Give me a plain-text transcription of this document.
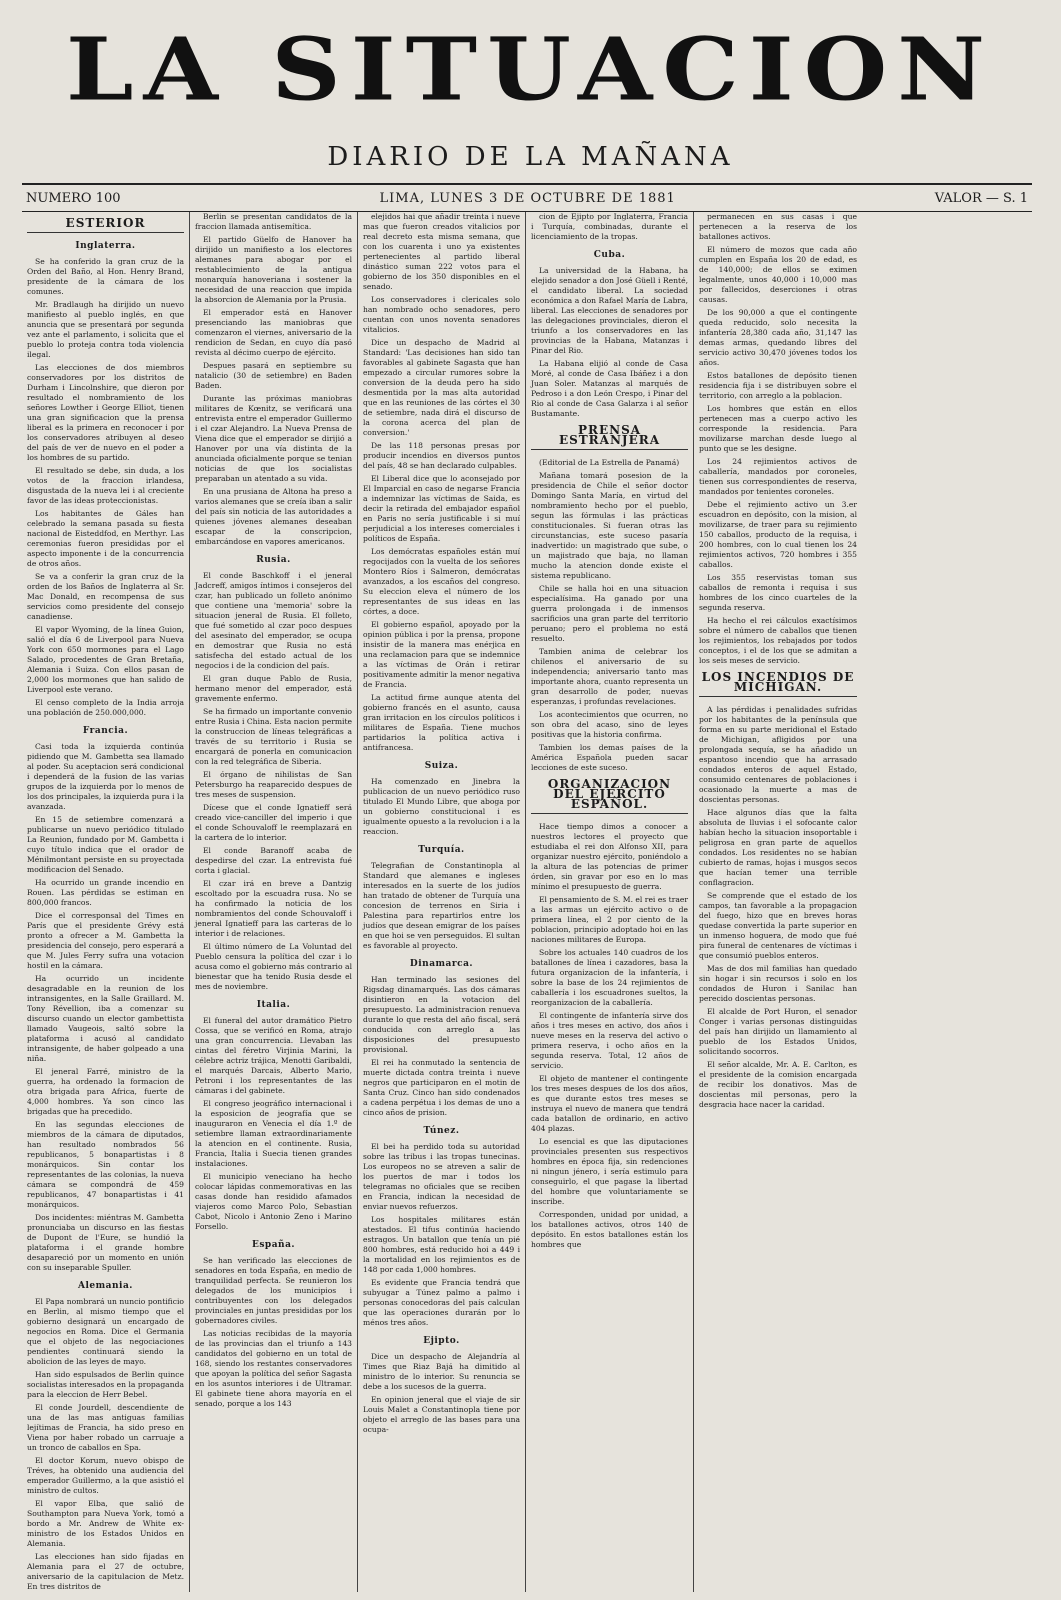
LA SITUACION
DIARIO DE LA MAÑANA
NUMERO 100	LIMA, LUNES 3 DE OCTUBRE DE 1881	VALOR — S. 1
ESTERIOR
Inglaterra.

Se ha conferido la gran cruz de la Orden del Baño, al Hon. Henry Brand, presidente de la cámara de los comunes.

Mr. Bradlaugh ha dirijido un nuevo manifiesto al pueblo inglés, en que anuncia que se presentará por segunda vez ante el parlamento, i solicita que el pueblo lo proteja contra toda violencia ilegal.

Las elecciones de dos miembros conservadores por los distritos de Durham i Lincolnshire, que dieron por resultado el nombramiento de los señores Lowther i George Elliot, tienen una gran significacion que la prensa liberal es la primera en reconocer i por los conservadores atribuyen al deseo del país de ver de nuevo en el poder a los hombres de su partido.

El resultado se debe, sin duda, a los votos de la fraccion irlandesa, disgustada de la nueva lei i al creciente favor de las ideas proteccionistas.

Los habitantes de Gáles han celebrado la semana pasada su fiesta nacional de Eisteddfod, en Merthyr. Las ceremonias fueron presididas por el aspecto imponente i de la concurrencia de otros años.

Se va a conferir la gran cruz de la orden de los Baños de Inglaterra al Sr. Mac Donald, en recompensa de sus servicios como presidente del consejo canadiense.

El vapor Wyoming, de la línea Guion, salió el día 6 de Liverpool para Nueva York con 650 mormones para el Lago Salado, procedentes de Gran Bretaña, Alemania i Suiza. Con ellos pasan de 2,000 los mormones que han salido de Liverpool este verano.

El censo completo de la India arroja una población de 250.000,000.

Francia.

Casi toda la izquierda continúa pidiendo que M. Gambetta sea llamado al poder. Su aceptacion será condicional i dependerá de la fusion de las varias grupos de la izquierda por lo menos de los dos principales, la izquierda pura i la avanzada.

En 15 de setiembre comenzará a publicarse un nuevo periódico titulado La Reunion, fundado por M. Gambetta i cuyo título indica que el orador de Ménilmontant persiste en su proyectada modificacion del Senado.

Ha ocurrido un grande incendio en Rouen. Las pérdidas se estiman en 800,000 francos.

Dice el corresponsal del Times en París que el presidente Grévy está pronto a ofrecer a M. Gambetta la presidencia del consejo, pero esperará a que M. Jules Ferry sufra una votacion hostil en la cámara.

Ha ocurrido un incidente desagradable en la reunion de los intransigentes, en la Salle Graillard. M. Tony Révellion, iba a comenzar su discurso cuando un elector gambettista llamado Vaugeois, saltó sobre la plataforma i acusó al candidato intransigente, de haber golpeado a una niña.

El jeneral Farré, ministro de la guerra, ha ordenado la formacion de otra brigada para Africa, fuerte de 4,000 hombres. Ya son cinco las brigadas que ha precedido.

En las segundas elecciones de miembros de la cámara de diputados, han resultado nombrados 56 republicanos, 5 bonapartistas i 8 monárquicos. Sin contar los representantes de las colonias, la nueva cámara se compondrá de 459 republicanos, 47 bonapartistas i 41 monárquicos.

Dos incidentes: miéntras M. Gambetta pronunciaba un discurso en las fiestas de Dupont de l'Eure, se hundió la plataforma i el grande hombre desapareció por un momento en unión con su inseparable Spuller.

Alemania.

El Papa nombrará un nuncio pontificio en Berlin, al mismo tiempo que el gobierno designará un encargado de negocios en Roma. Dice el Germania que el objeto de las negociaciones pendientes continuará siendo la abolicion de las leyes de mayo.

Han sido espulsados de Berlin quince socialistas interesados en la propaganda para la eleccion de Herr Bebel.

El conde Jourdell, descendiente de una de las mas antiguas familias lejítimas de Francia, ha sido preso en Viena por haber robado un carruaje a un tronco de caballos en Spa.

El doctor Korum, nuevo obispo de Tréves, ha obtenido una audiencia del emperador Guillermo, a la que asistió el ministro de cultos.

El vapor Elba, que salió de Southampton para Nueva York, tomó a bordo a Mr. Andrew de White ex-ministro de los Estados Unidos en Alemania.

Las elecciones han sido fijadas en Alemania para el 27 de octubre, aniversario de la capitulacion de Metz. En tres distritos de

Berlin se presentan candidatos de la fraccion llamada antisemítica.

El partido Güelfo de Hanover ha dirijido un manifiesto a los electores alemanes para abogar por el restablecimiento de la antigua monarquía hanoveriana i sostener la necesidad de una reaccion que impida la absorcion de Alemania por la Prusia.

El emperador está en Hanover presenciando las maniobras que comenzaron el viernes, aniversario de la rendicion de Sedan, en cuyo día pasó revista al décimo cuerpo de ejército.

Despues pasará en septiembre su natalicio (30 de setiembre) en Baden Baden.

Durante las próximas maniobras militares de Kœnitz, se verificará una entrevista entre el emperador Guillermo i el czar Alejandro. La Nueva Prensa de Viena dice que el emperador se dirijió a Hanover por una vía distinta de la anunciada oficialmente porque se tenian noticias de que los socialistas preparaban un atentado a su vida.

En una prusiana de Altona ha preso a varios alemanes que se creía iban a salir del país sin noticia de las autoridades a quienes jóvenes alemanes deseaban escapar de la conscripcion, embarcándose en vapores americanos.

Rusia.

El conde Baschkoff i el jeneral Jadcreff, amigos íntimos i consejeros del czar, han publicado un folleto anónimo que contiene una 'memoria' sobre la situacion jeneral de Rusia. El folleto, que fué sometido al czar poco despues del asesinato del emperador, se ocupa en demostrar que Rusia no está satisfecha del estado actual de los negocios i de la condicion del país.

El gran duque Pablo de Rusia, hermano menor del emperador, está gravemente enfermo.

Se ha firmado un importante convenio entre Rusia i China. Esta nacion permite la construccion de líneas telegráficas a través de su territorio i Rusia se encargará de ponerla en comunicacion con la red telegráfica de Siberia.

El órgano de nihilistas de San Petersburgo ha reaparecido despues de tres meses de suspension.

Dícese que el conde Ignatieff será creado vice-canciller del imperio i que el conde Schouvaloff le reemplazará en la cartera de lo interior.

El conde Baranoff acaba de despedirse del czar. La entrevista fué corta i glacial.

El czar irá en breve a Dantzig escoltado por la escuadra rusa. No se ha confirmado la noticia de los nombramientos del conde Schouvaloff i jeneral Ignatieff para las carteras de lo interior i de relaciones.

El último número de La Voluntad del Pueblo censura la política del czar i lo acusa como el gobierno más contrario al bienestar que ha tenido Rusia desde el mes de noviembre.

Italia.

El funeral del autor dramático Pietro Cossa, que se verificó en Roma, atrajo una gran concurrencia. Llevaban las cintas del féretro Virjinia Marini, la célebre actriz trájica, Menotti Garibaldi, el marqués Darcais, Alberto Mario, Petroni i los representantes de las cámaras i del gabinete.

El congreso jeográfico internacional i la esposicion de jeografía que se inauguraron en Venecia el día 1.º de setiembre llaman extraordinariamente la atencion en el continente. Rusia, Francia, Italia i Suecia tienen grandes instalaciones.

El municipio veneciano ha hecho colocar lápidas conmemorativas en las casas donde han residido afamados viajeros como Marco Polo, Sebastian Cabot, Nicolo i Antonio Zeno i Marino Forsello.

España.

Se han verificado las elecciones de senadores en toda España, en medio de tranquilidad perfecta. Se reunieron los delegados de los municipios i contribuyentes con los delegados provinciales en juntas presididas por los gobernadores civiles.

Las noticias recibidas de la mayoría de las provincias dan el triunfo a 143 candidatos del gobierno en un total de 168, siendo los restantes conservadores que apoyan la política del señor Sagasta en los asuntos interiores i de Ultramar. El gabinete tiene ahora mayoría en el senado, porque a los 143

elejidos hai que añadir treinta i nueve mas que fueron creados vitalicios por real decreto esta misma semana, que con los cuarenta i uno ya existentes pertenecientes al partido liberal dinástico suman 222 votos para el gobierno de los 350 disponibles en el senado.

Los conservadores i clericales solo han nombrado ocho senadores, pero cuentan con unos noventa senadores vitalicios.

Dice un despacho de Madrid al Standard: 'Las decisiones han sido tan favorables al gabinete Sagasta que han empezado a circular rumores sobre la conversion de la deuda pero ha sido desmentida por la mas alta autoridad que en las reuniones de las córtes el 30 de setiembre, nada dirá el discurso de la corona acerca del plan de conversion.'

De las 118 personas presas por producir incendios en diversos puntos del país, 48 se han declarado culpables.

El Liberal dice que lo aconsejado por El Imparcial en caso de negarse Francia a indemnizar las víctimas de Saida, es decir la retirada del embajador español en Paris no sería justificable i si muí perjudicial a los intereses comerciales i políticos de España.

Los demócratas españoles están muí regocijados con la vuelta de los señores Montero Ríos i Salmeron, demócratas avanzados, a los escaños del congreso. Su eleccion eleva el número de los representantes de sus ideas en las córtes, a doce.

El gobierno español, apoyado por la opinion pública i por la prensa, propone insistir de la manera mas enérjica en una reclamacion para que se indemnice a las víctimas de Orán i retirar positivamente admitir la menor negativa de Francia.

La actitud firme aunque atenta del gobierno francés en el asunto, causa gran irritacion en los círculos políticos i militares de España. Tiene muchos partidarios la política activa i antifrancesa.

Suiza.

Ha comenzado en Jinebra la publicacion de un nuevo periódico ruso titulado El Mundo Libre, que aboga por un gobierno constitucional i es igualmente opuesto a la revolucion i a la reaccion.

Turquía.

Telegrafian de Constantinopla al Standard que alemanes e ingleses interesados en la suerte de los judíos han tratado de obtener de Turquía una concesion de terrenos en Siria i Palestina para repartirlos entre los judíos que desean emigrar de los países en que hoi se ven perseguidos. El sultan es favorable al proyecto.

Dinamarca.

Han terminado las sesiones del Rigsdag dinamarqués. Las dos cámaras disintieron en la votacion del presupuesto. La administracion renueva durante lo que resta del año fiscal, será conducida con arreglo a las disposiciones del presupuesto provisional.

El rei ha conmutado la sentencia de muerte dictada contra treinta i nueve negros que participaron en el motin de Santa Cruz. Cinco han sido condenados a cadena perpétua i los demas de uno a cinco años de prision.

Túnez.

El bei ha perdido toda su autoridad sobre las tribus i las tropas tunecinas. Los europeos no se atreven a salir de los puertos de mar i todos los telegramas no oficiales que se reciben en Francia, indican la necesidad de enviar nuevos refuerzos.

Los hospitales militares están atestados. El tifus continúa haciendo estragos. Un batallon que tenía un pié 800 hombres, está reducido hoi a 449 i la mortalidad en los rejimientos es de 148 por cada 1,000 hombres.

Es evidente que Francia tendrá que subyugar a Túnez palmo a palmo i personas conocedoras del país calculan que las operaciones durarán por lo ménos tres años.

Ejipto.

Dice un despacho de Alejandría al Times que Riaz Bajá ha dimitido al ministro de lo interior. Su renuncia se debe a los sucesos de la guerra.

En opinion jeneral que el viaje de sir Louis Malet a Constantinopla tiene por objeto el arreglo de las bases para una ocupa-

cion de Ejipto por Inglaterra, Francia i Turquía, combinadas, durante el licenciamiento de la tropas.

Cuba.

La universidad de la Habana, ha elejido senador a don José Güell i Renté, el candidato liberal. La sociedad económica a don Rafael María de Labra, liberal. Las elecciones de senadores por las delegaciones provinciales, dieron el triunfo a los conservadores en las provincias de la Habana, Matanzas i Pinar del Rio.

La Habana elijió al conde de Casa Moré, al conde de Casa Ibáñez i a don Juan Soler. Matanzas al marqués de Pedroso i a don León Crespo, i Pinar del Rio al conde de Casa Galarza i al señor Bustamante.

PRENSA ESTRANJERA

(Editorial de La Estrella de Panamá)

Mañana tomará posesion de la presidencia de Chile el señor doctor Domingo Santa María, en virtud del nombramiento hecho por el pueblo, segun las fórmulas i las prácticas constitucionales. Si fueran otras las circunstancias, este suceso pasaría inadvertido: un magistrado que sube, o un majistrado que baja, no llaman mucho la atencion donde existe el sistema republicano.

Chile se halla hoi en una situacion especialísima. Ha ganado por una guerra prolongada i de inmensos sacrificios una gran parte del territorio peruano; pero el problema no está resuelto.

Tambien anima de celebrar los chilenos el aniversario de su independencia; aniversario tanto mas importante ahora, cuanto representa un gran desarrollo de poder, nuevas esperanzas, i profundas revelaciones.

Los acontecimientos que ocurren, no son obra del acaso, sino de leyes positivas que la historia confirma.

Tambien los demas países de la América Española pueden sacar lecciones de este suceso.

ORGANIZACION DEL EJERCITO ESPAÑOL.

Hace tiempo dimos a conocer a nuestros lectores el proyecto que estudiaba el rei don Alfonso XII, para organizar nuestro ejército, poniéndolo a la altura de las potencias de primer órden, sin gravar por eso en lo mas mínimo el presupuesto de guerra.

El pensamiento de S. M. el rei es traer a las armas un ejército activo o de primera línea, el 2 por ciento de la poblacion, principio adoptado hoi en las naciones militares de Europa.

Sobre los actuales 140 cuadros de los batallones de línea i cazadores, basa la futura organizacion de la infantería, i sobre la base de los 24 rejimientos de caballería i los escuadrones sueltos, la reorganizacion de la caballería.

El contingente de infantería sirve dos años i tres meses en activo, dos años i nueve meses en la reserva del activo o primera reserva, i ocho años en la segunda reserva. Total, 12 años de servicio.

El objeto de mantener el contingente los tres meses despues de los dos años, es que durante estos tres meses se instruya el nuevo de manera que tendrá cada batallon de ordinario, en activo 404 plazas.

Lo esencial es que las diputaciones provinciales presenten sus respectivos hombres en época fija, sin redenciones ni ningun jénero, i sería estimulo para conseguirlo, el que pagase la libertad del hombre que voluntariamente se inscribe.

Corresponden, unidad por unidad, a los batallones activos, otros 140 de depósito. En estos batallones están los hombres que

permanecen en sus casas i que pertenecen a la reserva de los batallones activos.

El número de mozos que cada año cumplen en España los 20 de edad, es de 140,000; de ellos se eximen legalmente, unos 40,000 i 10,000 mas por fallecidos, deserciones i otras causas.

De los 90,000 a que el contingente queda reducido, solo necesita la infantería 28,380 cada año, 31,147 las demas armas, quedando libres del servicio activo 30,470 jóvenes todos los años.

Estos batallones de depósito tienen residencia fija i se distribuyen sobre el territorio, con arreglo a la poblacion.

Los hombres que están en ellos pertenecen mas a cuerpo activo les corresponde la residencia. Para movilizarse marchan desde luego al punto que se les designe.

Los 24 rejimientos activos de caballería, mandados por coroneles, tienen sus correspondientes de reserva, mandados por tenientes coroneles.

Debe el rejimiento activo un 3.er escuadron en depósito, con la mision, al movilizarse, de traer para su rejimiento 150 caballos, producto de la requisa, i 200 hombres, con lo cual tienen los 24 rejimientos activos, 720 hombres i 355 caballos.

Los 355 reservistas toman sus caballos de remonta i requisa i sus hombres de los cinco cuarteles de la segunda reserva.

Ha hecho el rei cálculos exactísimos sobre el número de caballos que tienen los rejimientos, los rebajados por todos conceptos, i el de los que se admitan a los seis meses de servicio.

LOS INCENDIOS DE MICHIGAN.

A las pérdidas i penalidades sufridas por los habitantes de la península que forma en su parte meridional el Estado de Michigan, afligidos por una prolongada sequía, se ha añadido un espantoso incendio que ha arrasado condados enteros de aquel Estado, consumido centenares de poblaciones i ocasionado la muerte a mas de doscientas personas.

Hace algunos días que la falta absoluta de lluvias i el sofocante calor habían hecho la situacion insoportable i peligrosa en gran parte de aquellos condados. Los residentes no se habían cubierto de ramas, hojas i musgos secos que hacían temer una terrible conflagracion.

Se comprende que el estado de los campos, tan favorable a la propagacion del fuego, hizo que en breves horas quedase convertida la parte superior en un inmenso hoguera, de modo que fué pira funeral de centenares de víctimas i que consumió pueblos enteros.

Mas de dos mil familias han quedado sin hogar i sin recursos i solo en los condados de Huron i Sanilac han perecido doscientas personas.

El alcalde de Port Huron, el senador Conger i varias personas distinguidas del país han dirijido un llamamiento al pueblo de los Estados Unidos, solicitando socorros.

El señor alcalde, Mr. A. E. Carlton, es el presidente de la comision encargada de recibir los donativos. Mas de doscientas mil personas, pero la desgracia hace nacer la caridad.
